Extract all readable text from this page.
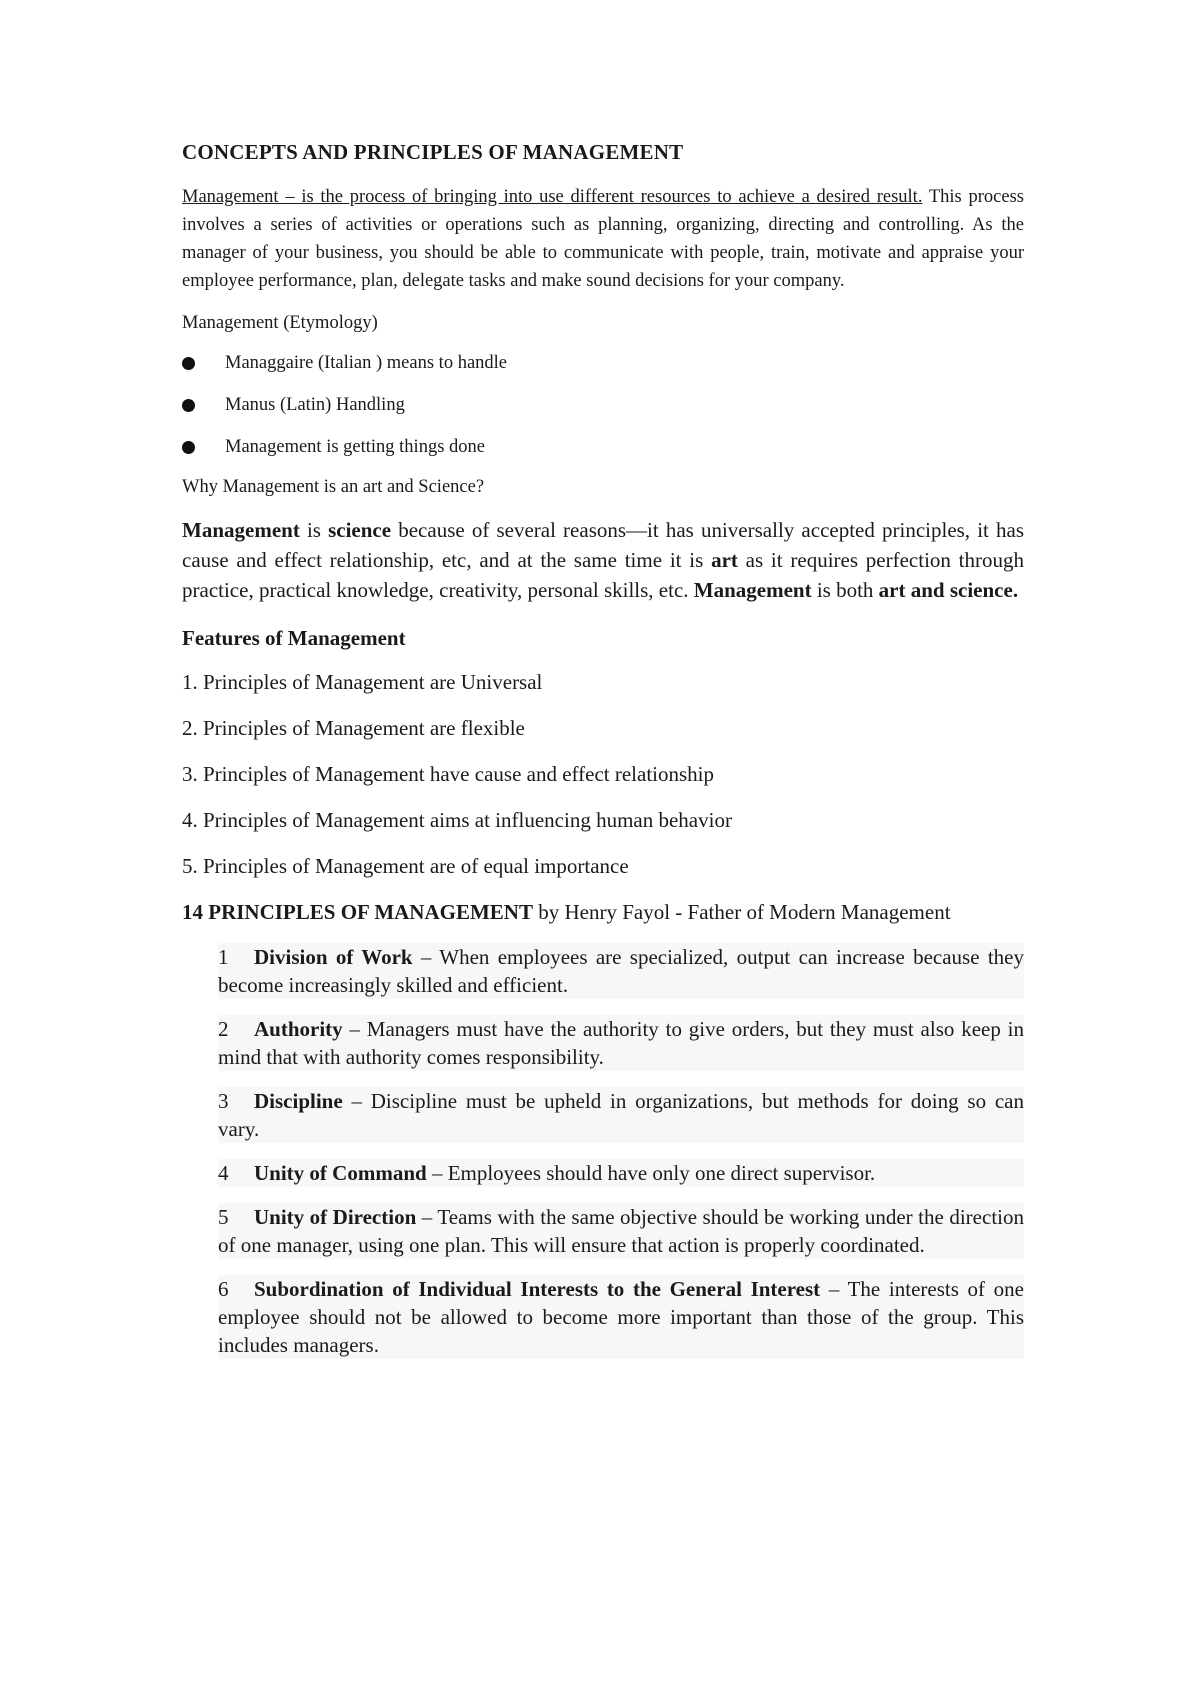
CONCEPTS AND PRINCIPLES OF MANAGEMENT

Management – is the process of bringing into use different resources to achieve a desired result. This process involves a series of activities or operations such as planning, organizing, directing and controlling. As the manager of your business, you should be able to communicate with people, train, motivate and appraise your employee performance, plan, delegate tasks and make sound decisions for your company.

Management (Etymology)

Managgaire (Italian ) means to handle
Manus (Latin) Handling
Management is getting things done

Why Management is an art and Science?

Management is science because of several reasons—it has universally accepted principles, it has cause and effect relationship, etc, and at the same time it is art as it requires perfection through practice, practical knowledge, creativity, personal skills, etc. Management is both art and science.

Features of Management

1. Principles of Management are Universal
2. Principles of Management are flexible
3. Principles of Management have cause and effect relationship
4. Principles of Management aims at influencing human behavior
5. Principles of Management are of equal importance

14 PRINCIPLES OF MANAGEMENT by Henry Fayol - Father of Modern Management

1 Division of Work – When employees are specialized, output can increase because they become increasingly skilled and efficient.
2 Authority – Managers must have the authority to give orders, but they must also keep in mind that with authority comes responsibility.
3 Discipline – Discipline must be upheld in organizations, but methods for doing so can vary.
4 Unity of Command – Employees should have only one direct supervisor.
5 Unity of Direction – Teams with the same objective should be working under the direction of one manager, using one plan. This will ensure that action is properly coordinated.
6 Subordination of Individual Interests to the General Interest – The interests of one employee should not be allowed to become more important than those of the group. This includes managers.
